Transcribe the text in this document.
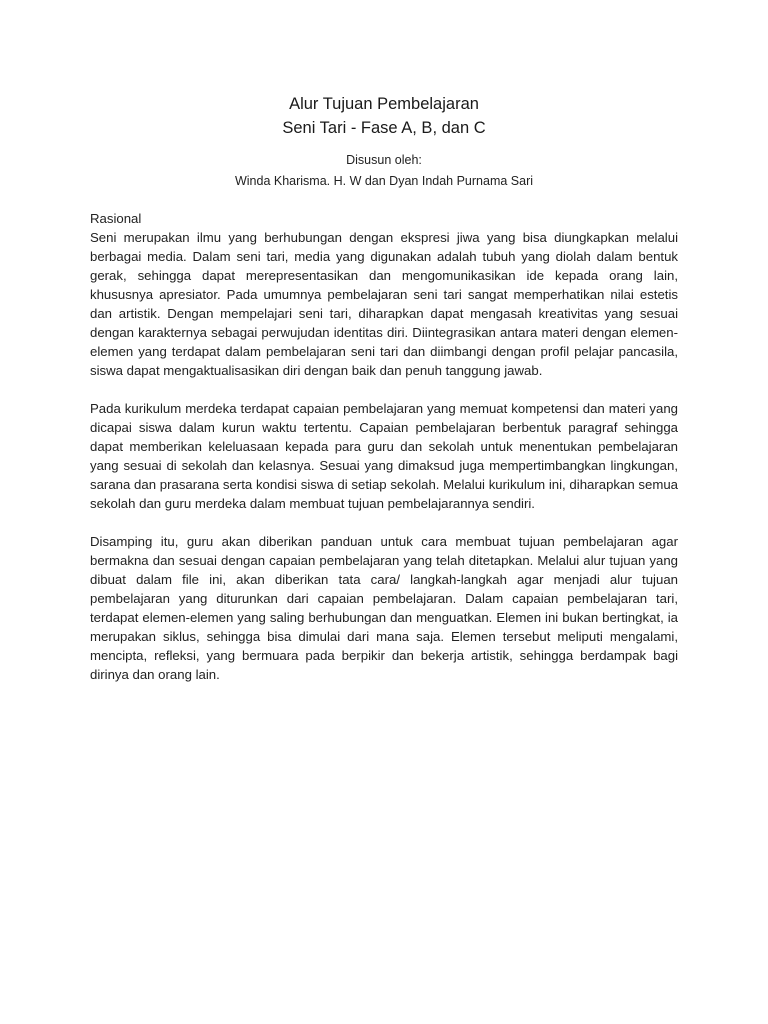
Alur Tujuan Pembelajaran

Seni Tari - Fase A, B, dan C

Disusun oleh:
Winda Kharisma. H. W dan Dyan Indah Purnama Sari
Rasional

Seni merupakan ilmu yang berhubungan dengan ekspresi jiwa yang bisa diungkapkan melalui berbagai media. Dalam seni tari, media yang digunakan adalah tubuh yang diolah dalam bentuk gerak, sehingga dapat merepresentasikan dan mengomunikasikan ide kepada orang lain, khususnya apresiator. Pada umumnya pembelajaran seni tari sangat memperhatikan nilai estetis dan artistik. Dengan mempelajari seni tari, diharapkan dapat mengasah kreativitas yang sesuai dengan karakternya sebagai perwujudan identitas diri. Diintegrasikan antara materi dengan elemen-elemen yang terdapat dalam pembelajaran seni tari dan diimbangi dengan profil pelajar pancasila, siswa dapat mengaktualisasikan diri dengan baik dan penuh tanggung jawab.

Pada kurikulum merdeka terdapat capaian pembelajaran yang memuat kompetensi dan materi yang dicapai siswa dalam kurun waktu tertentu. Capaian pembelajaran berbentuk paragraf sehingga dapat memberikan keleluasaan kepada para guru dan sekolah untuk menentukan pembelajaran yang sesuai di sekolah dan kelasnya. Sesuai yang dimaksud juga mempertimbangkan lingkungan, sarana dan prasarana serta kondisi siswa di setiap sekolah. Melalui kurikulum ini, diharapkan semua sekolah dan guru merdeka dalam membuat tujuan pembelajarannya sendiri.

Disamping itu, guru akan diberikan panduan untuk cara membuat tujuan pembelajaran agar bermakna dan sesuai dengan capaian pembelajaran yang telah ditetapkan. Melalui alur tujuan yang dibuat dalam file ini, akan diberikan tata cara/ langkah-langkah agar menjadi alur tujuan pembelajaran yang diturunkan dari capaian pembelajaran. Dalam capaian pembelajaran tari, terdapat elemen-elemen yang saling berhubungan dan menguatkan. Elemen ini bukan bertingkat, ia merupakan siklus, sehingga bisa dimulai dari mana saja. Elemen tersebut meliputi mengalami, mencipta, refleksi, yang bermuara pada berpikir dan bekerja artistik, sehingga berdampak bagi dirinya dan orang lain.
